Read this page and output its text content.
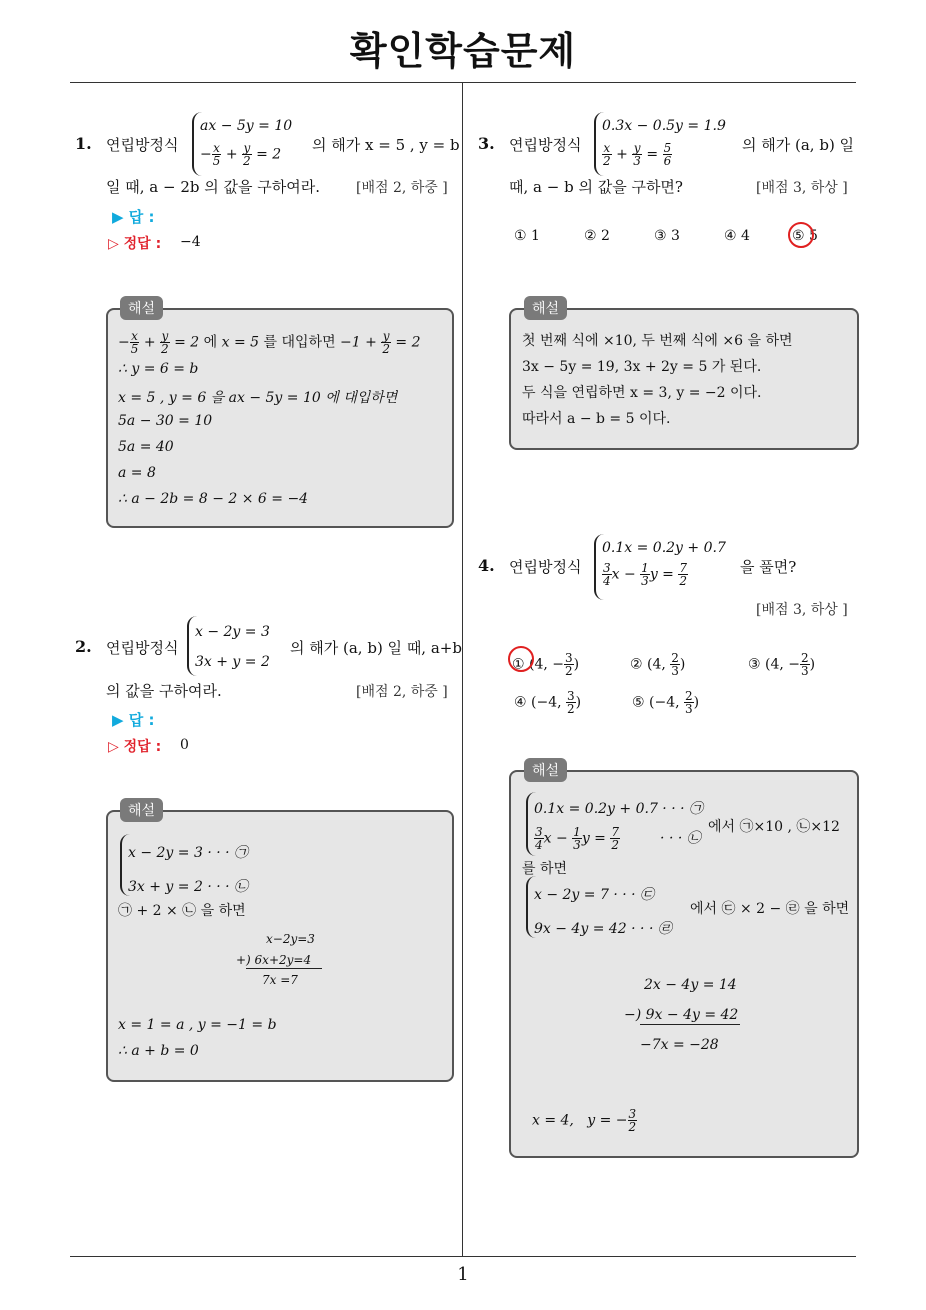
확인학습문제
1
1. 연립방정식
ax − 5y = 10
− $\frac{x}{5} + \frac{y}{2} = 2$
의 해가 x = 5 , y = b
일 때, a − 2b 의 값을 구하여라.	[배점 2, 하중 ]
▶ 답 :
▷ 정답 : −4
해설
− $\frac{x}{5} + \frac{y}{2} = 2$ 에 x = 5 를 대입하면 $-1 + \frac{y}{2} = 2$
∴ y = 6 = b
x = 5 , y = 6 을 ax − 5y = 10 에 대입하면
5a − 30 = 10
5a = 40
a = 8
∴ a − 2b = 8 − 2 × 6 = −4
2. 연립방정식
x − 2y = 3
3x + y = 2
의 해가 (a, b) 일 때, a+b
의 값을 구하여라.	[배점 2, 하중 ]
▶ 답 :
▷ 정답 : 0
해설
x − 2y = 3 · · · ㉠
3x + y = 2 · · · ㉡
㉠ + 2 × ㉡ 을 하면
x−2y=3
+) 6x+2y=4
7x =7
x = 1 = a , y = −1 = b
∴ a + b = 0
3. 연립방정식
0.3x − 0.5y = 1.9
$\frac{x}{2} + \frac{y}{3} = \frac{5}{6}$	의 해가 (a, b) 일
때, a − b 의 값을 구하면?	[배점 3, 하상 ]
① 1	② 2	③ 3	④ 4	⑤ 5
해설
첫 번째 식에 ×10, 두 번째 식에 ×6 을 하면
3x − 5y = 19, 3x + 2y = 5 가 된다.
두 식을 연립하면 x = 3, y = −2 이다.
따라서 a − b = 5 이다.
4. 연립방정식
0.1x = 0.2y + 0.7
$\frac{3}{4}$ $x - \frac{1}{3}$ $y = \frac{7}{2}$	을 풀면?
[배점 3, 하상 ]
① (4, − $\frac{3}{2}$ )	② (4, $\frac{2}{3}$ )	③ (4, − $\frac{2}{3}$ )
④ (−4, $\frac{3}{2}$ )	⑤ (−4, $\frac{2}{3}$ )
해설
0.1x = 0.2y + 0.7 · · · ㉠
$\frac{3}{4}$ $x - \frac{1}{3}$ $y = \frac{7}{2}$ · · · ㉡
에서 ㉠×10 , ㉡×12
를 하면
x − 2y = 7 · · · ㉢
9x − 4y = 42 · · · ㉣
에서 ㉢ × 2 − ㉣ 을 하면
2x − 4y = 14
−) 9x − 4y = 42
−7x = −28
x = 4,   y = − $\frac{3}{2}$
